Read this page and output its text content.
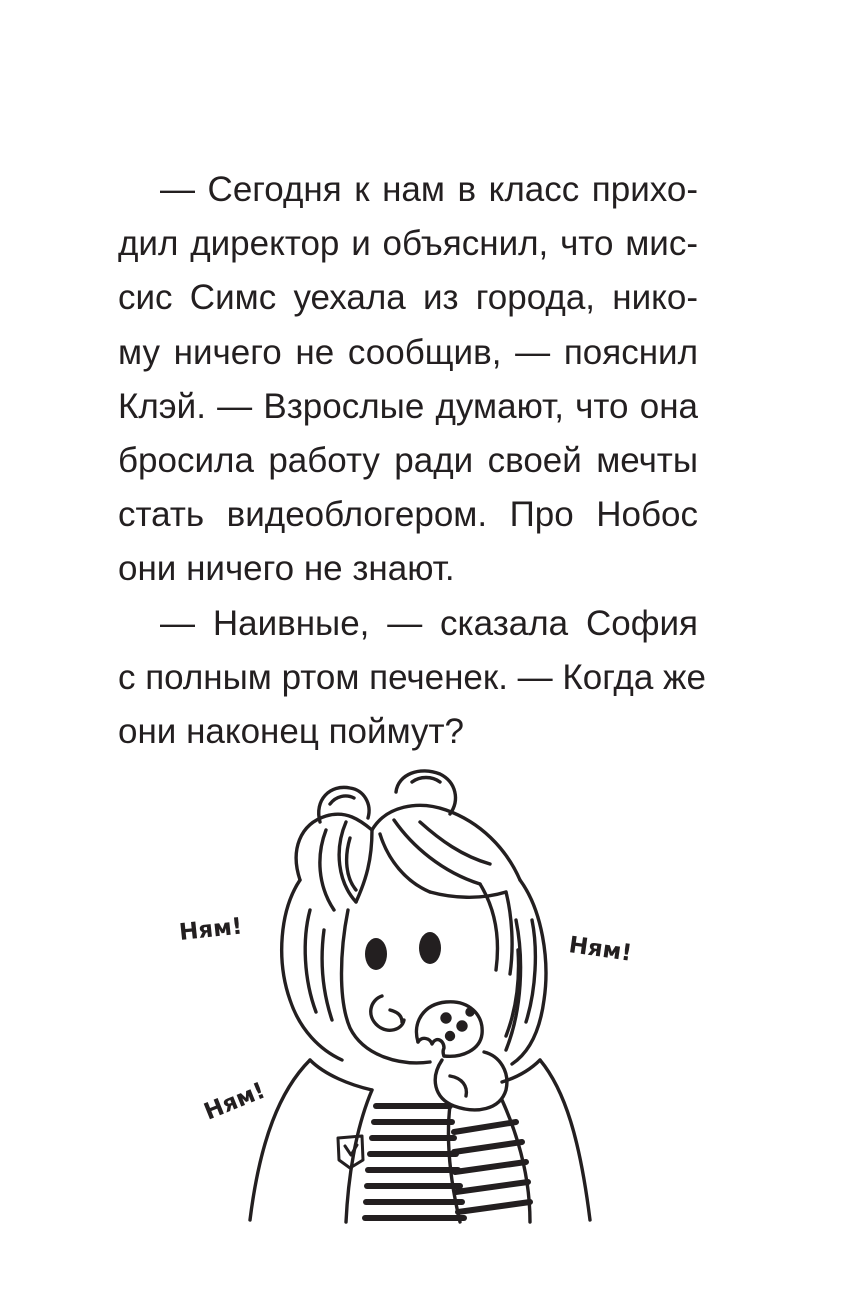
— Сегодня к нам в класс прихо-
дил директор и объяснил, что мис-
сис Симс уехала из города, нико-
му ничего не сообщив, — пояснил
Клэй. — Взрослые думают, что она
бросила работу ради своей мечты
стать видеоблогером. Про Нобос
они ничего не знают.
— Наивные, — сказала София
с полным ртом печенек. — Когда же
они наконец поймут?
Ням!
Ням!
Ням!
